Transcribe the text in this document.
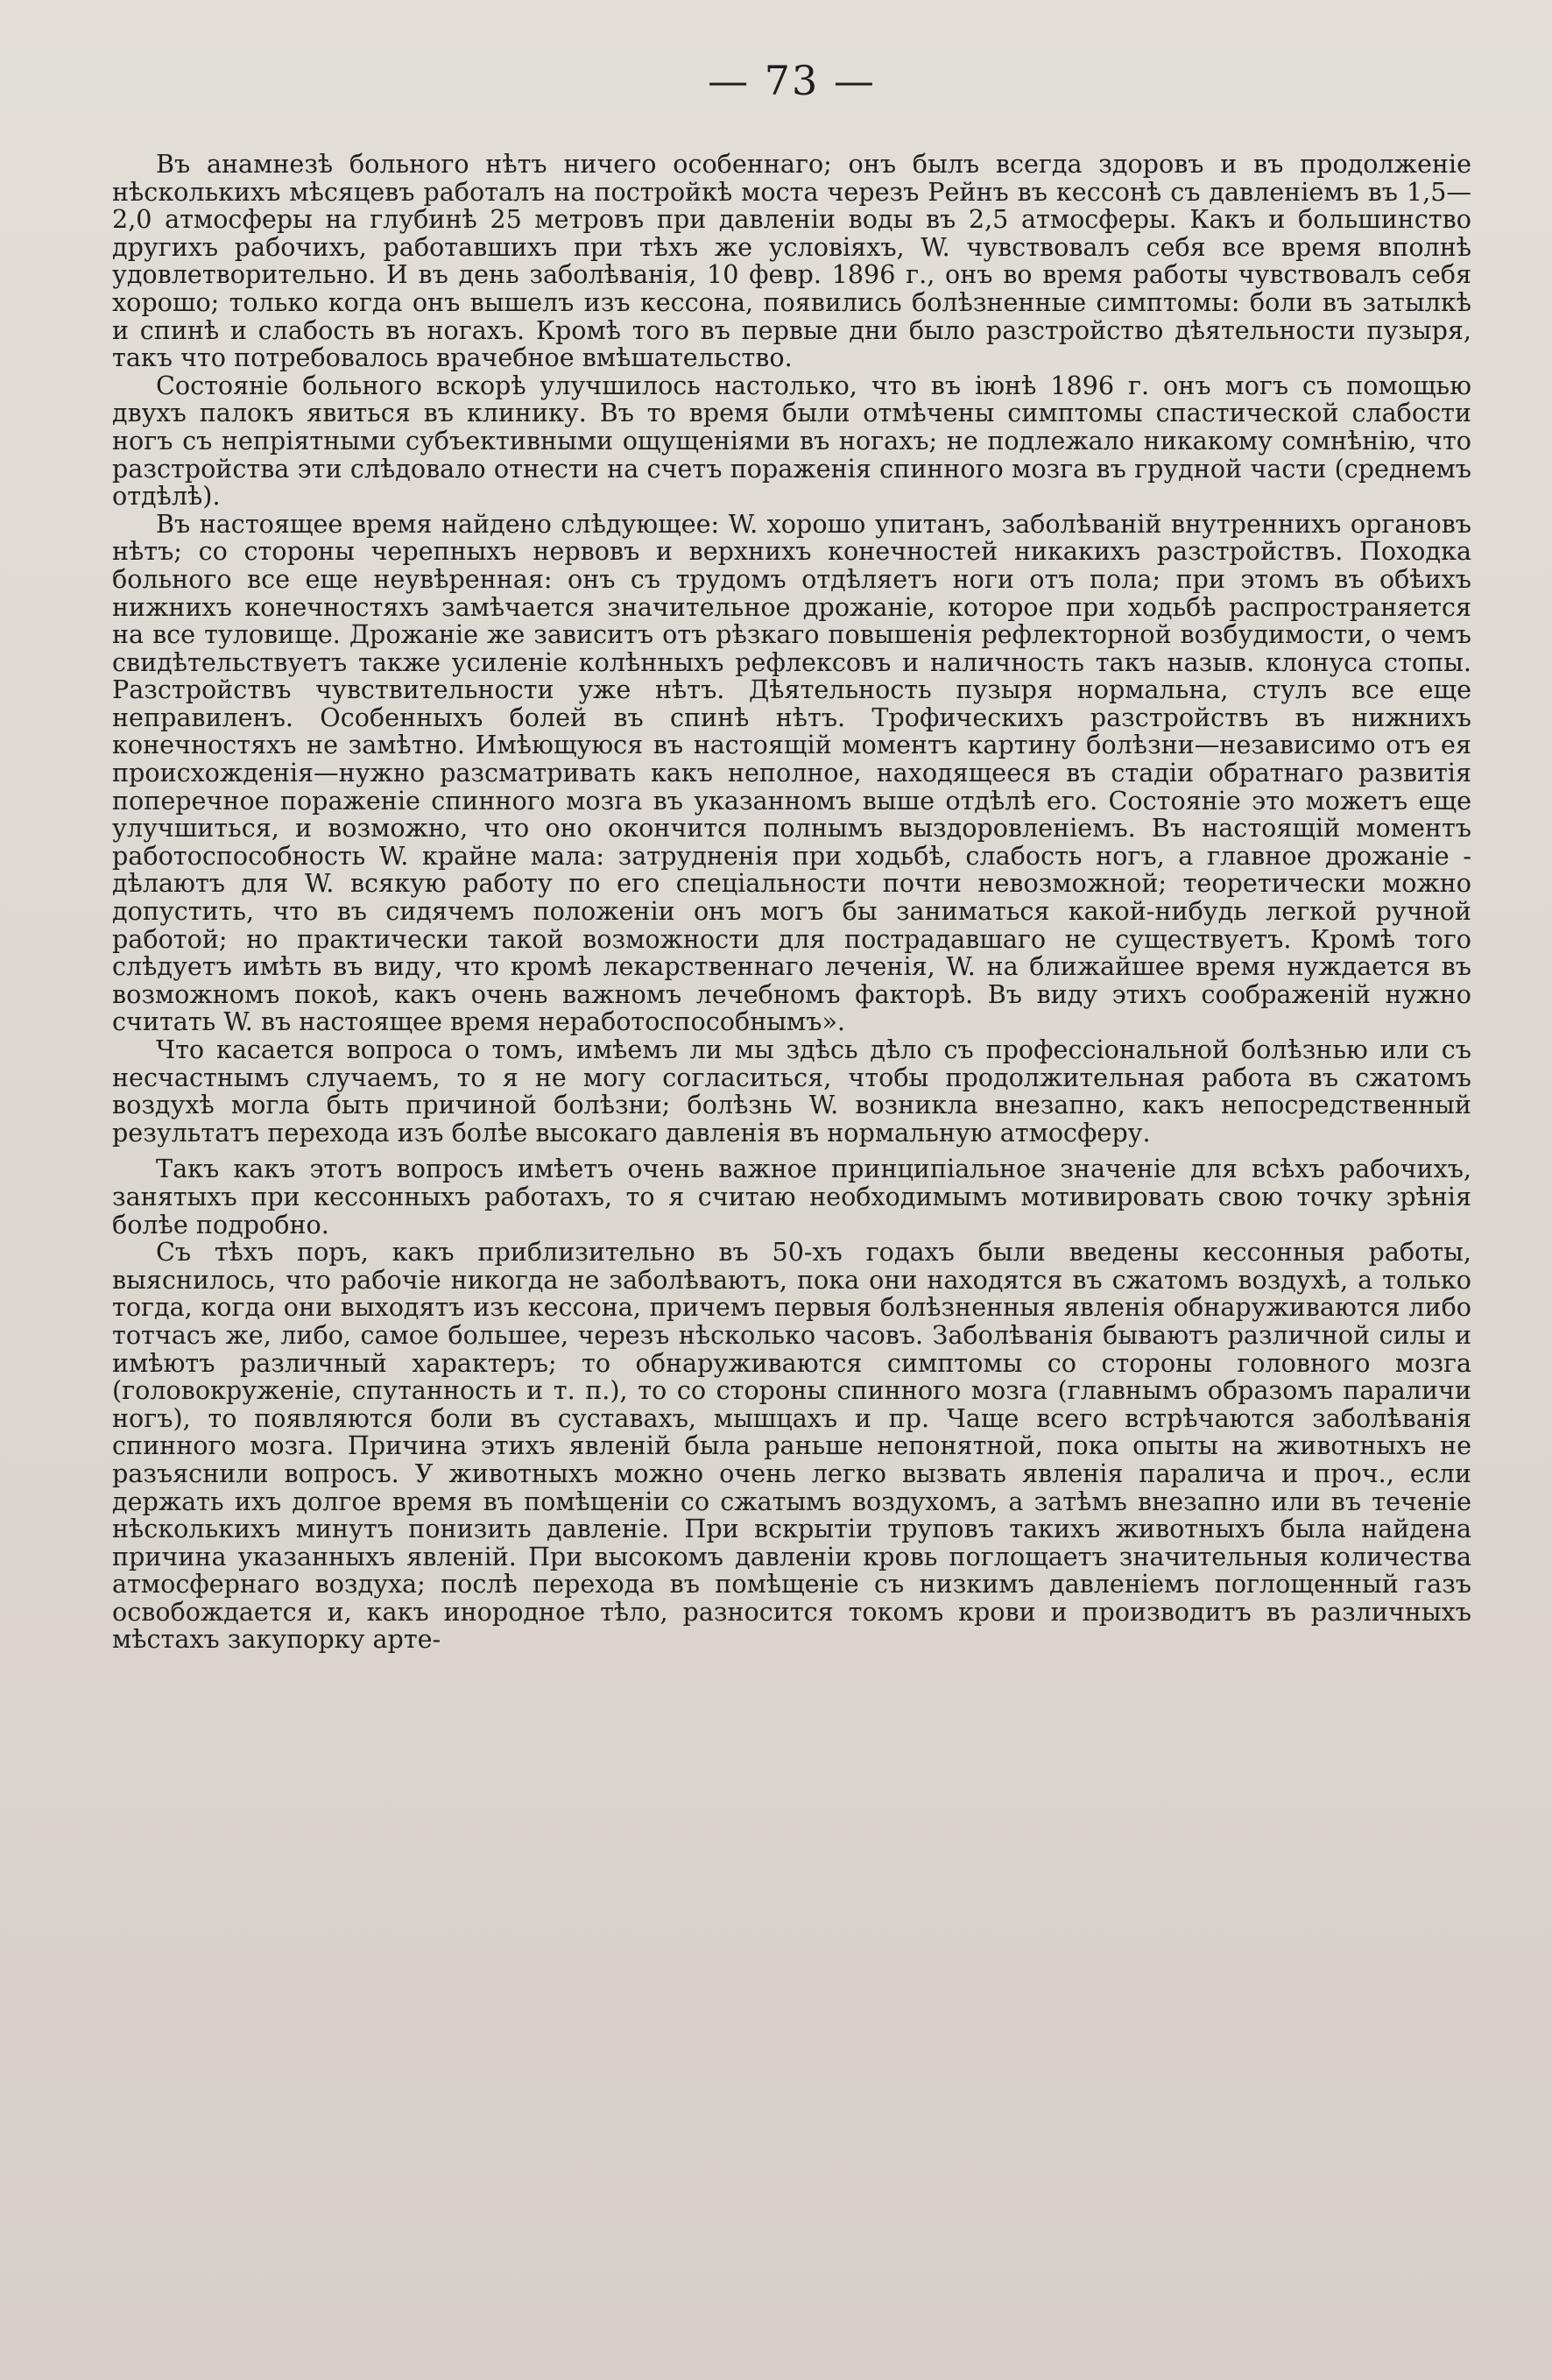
— 73 —

Въ анамнезѣ больного нѣтъ ничего особеннаго; онъ былъ всегда здоровъ и въ продолженіе нѣсколькихъ мѣсяцевъ работалъ на постройкѣ моста черезъ Рейнъ въ кессонѣ съ давленіемъ въ 1,5—2,0 атмосферы на глубинѣ 25 метровъ при давленіи воды въ 2,5 атмосферы. Какъ и большинство другихъ рабочихъ, работавшихъ при тѣхъ же условіяхъ, W. чувствовалъ себя все время вполнѣ удовлетворительно. И въ день заболѣванія, 10 февр. 1896 г., онъ во время работы чувствовалъ себя хорошо; только когда онъ вышелъ изъ кессона, появились болѣзненные симптомы: боли въ затылкѣ и спинѣ и слабость въ ногахъ. Кромѣ того въ первые дни было разстройство дѣятельности пузыря, такъ что потребовалось врачебное вмѣшательство.

Состояніе больного вскорѣ улучшилось настолько, что въ іюнѣ 1896 г. онъ могъ съ помощью двухъ палокъ явиться въ клинику. Въ то время были отмѣчены симптомы спастической слабости ногъ съ непріятными субъективными ощущеніями въ ногахъ; не подлежало никакому сомнѣнію, что разстройства эти слѣдовало отнести на счетъ пораженія спинного мозга въ грудной части (среднемъ отдѣлѣ).

Въ настоящее время найдено слѣдующее: W. хорошо упитанъ, заболѣваній внутреннихъ органовъ нѣтъ; со стороны черепныхъ нервовъ и верхнихъ конечностей никакихъ разстройствъ. Походка больного все еще неувѣренная: онъ съ трудомъ отдѣляетъ ноги отъ пола; при этомъ въ обѣихъ нижнихъ конечностяхъ замѣчается значительное дрожаніе, которое при ходьбѣ распространяется на все туловище. Дрожаніе же зависитъ отъ рѣзкаго повышенія рефлекторной возбудимости, о чемъ свидѣтельствуетъ также усиленіе колѣнныхъ рефлексовъ и наличность такъ назыв. клонуса стопы. Разстройствъ чувствительности уже нѣтъ. Дѣятельность пузыря нормальна, стулъ все еще неправиленъ. Особенныхъ болей въ спинѣ нѣтъ. Трофическихъ разстройствъ въ нижнихъ конечностяхъ не замѣтно. Имѣющуюся въ настоящій моментъ картину болѣзни—независимо отъ ея происхожденія—нужно разсматривать какъ неполное, находящееся въ стадіи обратнаго развитія поперечное пораженіе спинного мозга въ указанномъ выше отдѣлѣ его. Состояніе это можетъ еще улучшиться, и возможно, что оно окончится полнымъ выздоровленіемъ. Въ настоящій моментъ работоспособность W. крайне мала: затрудненія при ходьбѣ, слабость ногъ, а главное дрожаніе - дѣлаютъ для W. всякую работу по его спеціальности почти невозможной; теоретически можно допустить, что въ сидячемъ положеніи онъ могъ бы заниматься какой-нибудь легкой ручной работой; но практически такой возможности для пострадавшаго не существуетъ. Кромѣ того слѣдуетъ имѣть въ виду, что кромѣ лекарственнаго леченія, W. на ближайшее время нуждается въ возможномъ покоѣ, какъ очень важномъ лечебномъ факторѣ. Въ виду этихъ соображеній нужно считать W. въ настоящее время неработоспособнымъ».

Что касается вопроса о томъ, имѣемъ ли мы здѣсь дѣло съ профессіональной болѣзнью или съ несчастнымъ случаемъ, то я не могу согласиться, чтобы продолжительная работа въ сжатомъ воздухѣ могла быть причиной болѣзни; болѣзнь W. возникла внезапно, какъ непосредственный результатъ перехода изъ болѣе высокаго давленія въ нормальную атмосферу.

Такъ какъ этотъ вопросъ имѣетъ очень важное принципіальное значеніе для всѣхъ рабочихъ, занятыхъ при кессонныхъ работахъ, то я считаю необходимымъ мотивировать свою точку зрѣнія болѣе подробно.

Съ тѣхъ поръ, какъ приблизительно въ 50-хъ годахъ были введены кессонныя работы, выяснилось, что рабочіе никогда не заболѣваютъ, пока они находятся въ сжатомъ воздухѣ, а только тогда, когда они выходятъ изъ кессона, причемъ первыя болѣзненныя явленія обнаруживаются либо тотчасъ же, либо, самое большее, черезъ нѣсколько часовъ. Заболѣванія бываютъ различной силы и имѣютъ различный характеръ; то обнаруживаются симптомы со стороны головного мозга (головокруженіе, спутанность и т. п.), то со стороны спинного мозга (главнымъ образомъ параличи ногъ), то появляются боли въ суставахъ, мышцахъ и пр. Чаще всего встрѣчаются заболѣванія спинного мозга. Причина этихъ явленій была раньше непонятной, пока опыты на животныхъ не разъяснили вопросъ. У животныхъ можно очень легко вызвать явленія паралича и проч., если держать ихъ долгое время въ помѣщеніи со сжатымъ воздухомъ, а затѣмъ внезапно или въ теченіе нѣсколькихъ минутъ понизить давленіе. При вскрытіи труповъ такихъ животныхъ была найдена причина указанныхъ явленій. При высокомъ давленіи кровь поглощаетъ значительныя количества атмосфернаго воздуха; послѣ перехода въ помѣщеніе съ низкимъ давленіемъ поглощенный газъ освобождается и, какъ инородное тѣло, разносится токомъ крови и производитъ въ различныхъ мѣстахъ закупорку арте-
